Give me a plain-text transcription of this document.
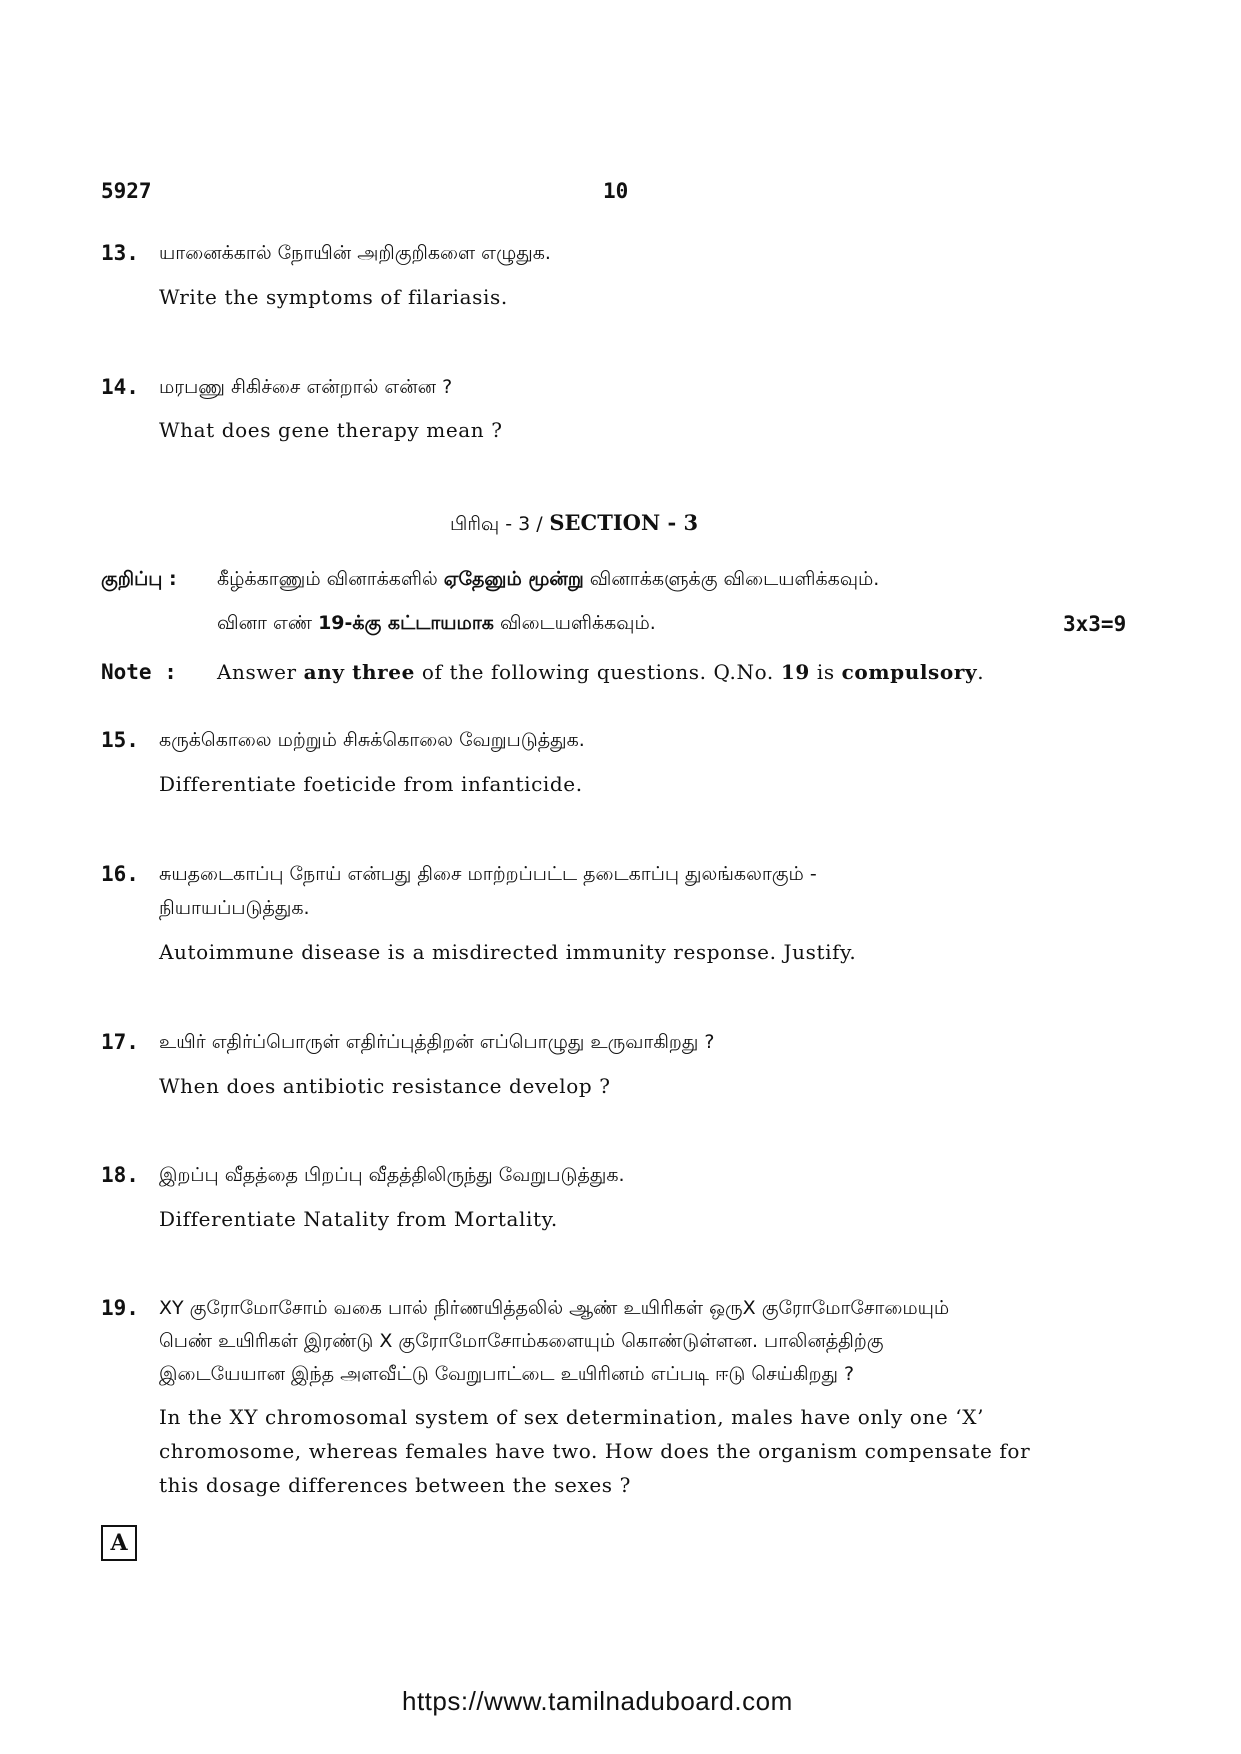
5927	10
13. யானைக்கால் நோயின் அறிகுறிகளை எழுதுக.
Write the symptoms of filariasis.
14. மரபணு சிகிச்சை என்றால் என்ன ?
What does gene therapy mean ?
பிரிவு - 3 / SECTION - 3
குறிப்பு : கீழ்க்காணும் வினாக்களில் ஏதேனும் மூன்று வினாக்களுக்கு விடையளிக்கவும்.
வினா எண் 19-க்கு கட்டாயமாக விடையளிக்கவும்.	3x3=9
Note : Answer any three of the following questions. Q.No. 19 is compulsory.
15. கருக்கொலை மற்றும் சிசுக்கொலை வேறுபடுத்துக.
Differentiate foeticide from infanticide.
16. சுயதடைகாப்பு நோய் என்பது திசை மாற்றப்பட்ட தடைகாப்பு துலங்கலாகும் -
நியாயப்படுத்துக.
Autoimmune disease is a misdirected immunity response. Justify.
17. உயிர் எதிர்ப்பொருள் எதிர்ப்புத்திறன் எப்பொழுது உருவாகிறது ?
When does antibiotic resistance develop ?
18. இறப்பு வீதத்தை பிறப்பு வீதத்திலிருந்து வேறுபடுத்துக.
Differentiate Natality from Mortality.
19. XY குரோமோசோம் வகை பால் நிர்ணயித்தலில் ஆண் உயிரிகள் ஒருX குரோமோசோமையும்
பெண் உயிரிகள் இரண்டு X குரோமோசோம்களையும் கொண்டுள்ளன. பாலினத்திற்கு
இடையேயான இந்த அளவீட்டு வேறுபாட்டை உயிரினம் எப்படி ஈடு செய்கிறது ?
In the XY chromosomal system of sex determination, males have only one ‘X’
chromosome, whereas females have two. How does the organism compensate for
this dosage differences between the sexes ?
A
https://www.tamilnaduboard.com
